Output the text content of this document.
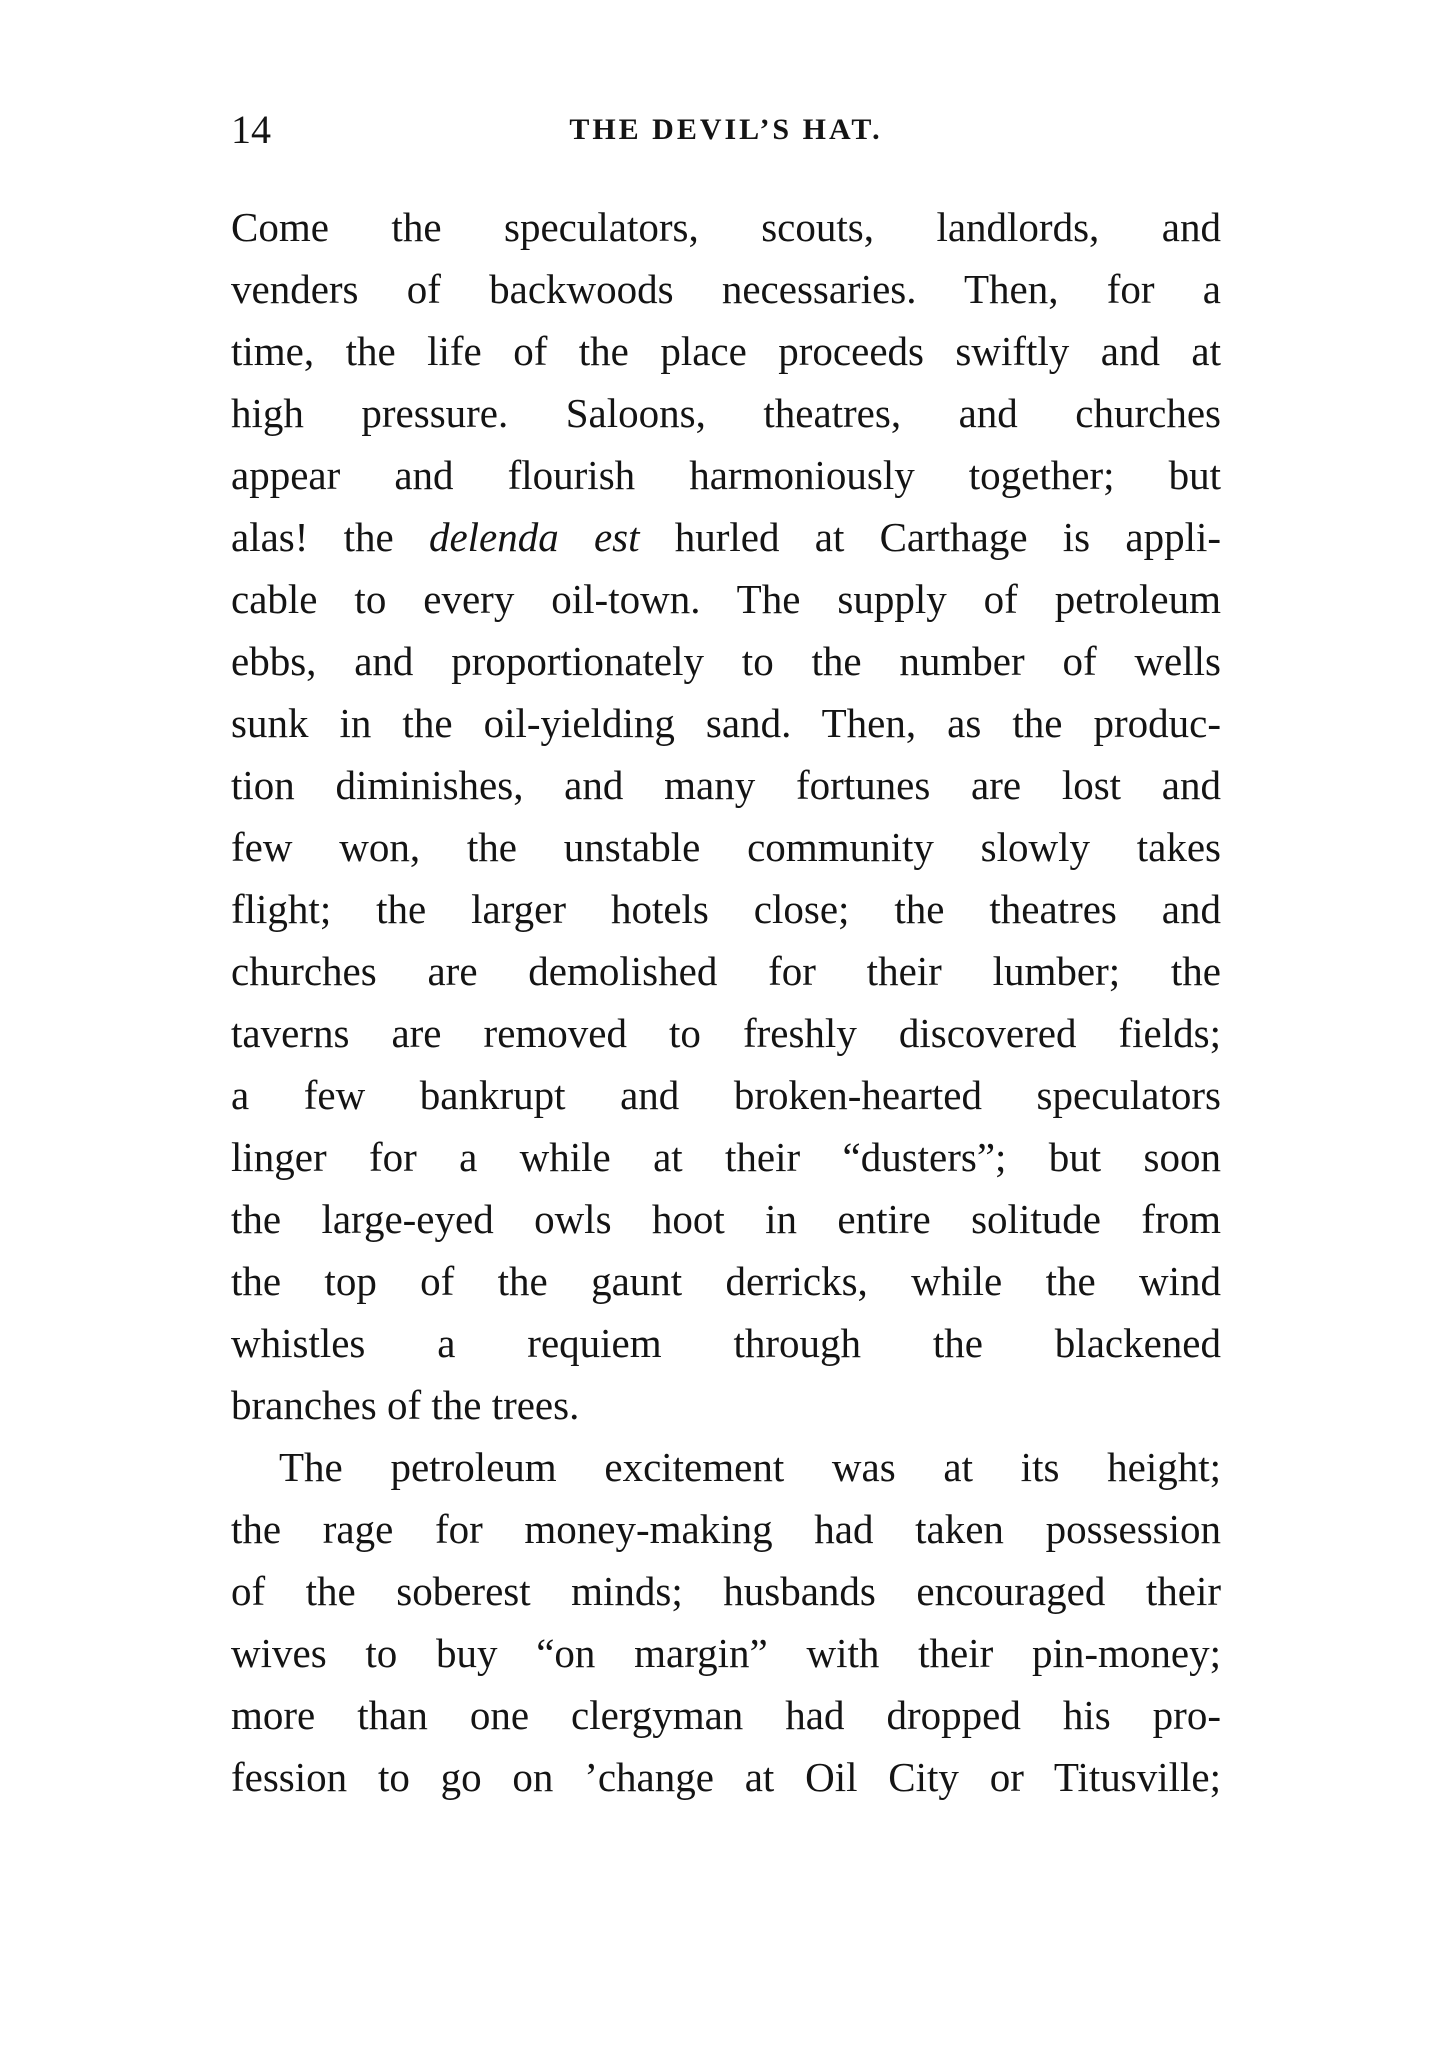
14	THE DEVIL’S HAT.
Come the speculators, scouts, landlords, and
venders of backwoods necessaries. Then, for a
time, the life of the place proceeds swiftly and at
high pressure. Saloons, theatres, and churches
appear and flourish harmoniously together; but
alas! the delenda est hurled at Carthage is appli-
cable to every oil-town. The supply of petroleum
ebbs, and proportionately to the number of wells
sunk in the oil-yielding sand. Then, as the produc-
tion diminishes, and many fortunes are lost and
few won, the unstable community slowly takes
flight; the larger hotels close; the theatres and
churches are demolished for their lumber; the
taverns are removed to freshly discovered fields;
a few bankrupt and broken-hearted speculators
linger for a while at their “dusters”; but soon
the large-eyed owls hoot in entire solitude from
the top of the gaunt derricks, while the wind
whistles a requiem through the blackened
branches of the trees.
The petroleum excitement was at its height;
the rage for money-making had taken possession
of the soberest minds; husbands encouraged their
wives to buy “on margin” with their pin-money;
more than one clergyman had dropped his pro-
fession to go on ’change at Oil City or Titusville;
